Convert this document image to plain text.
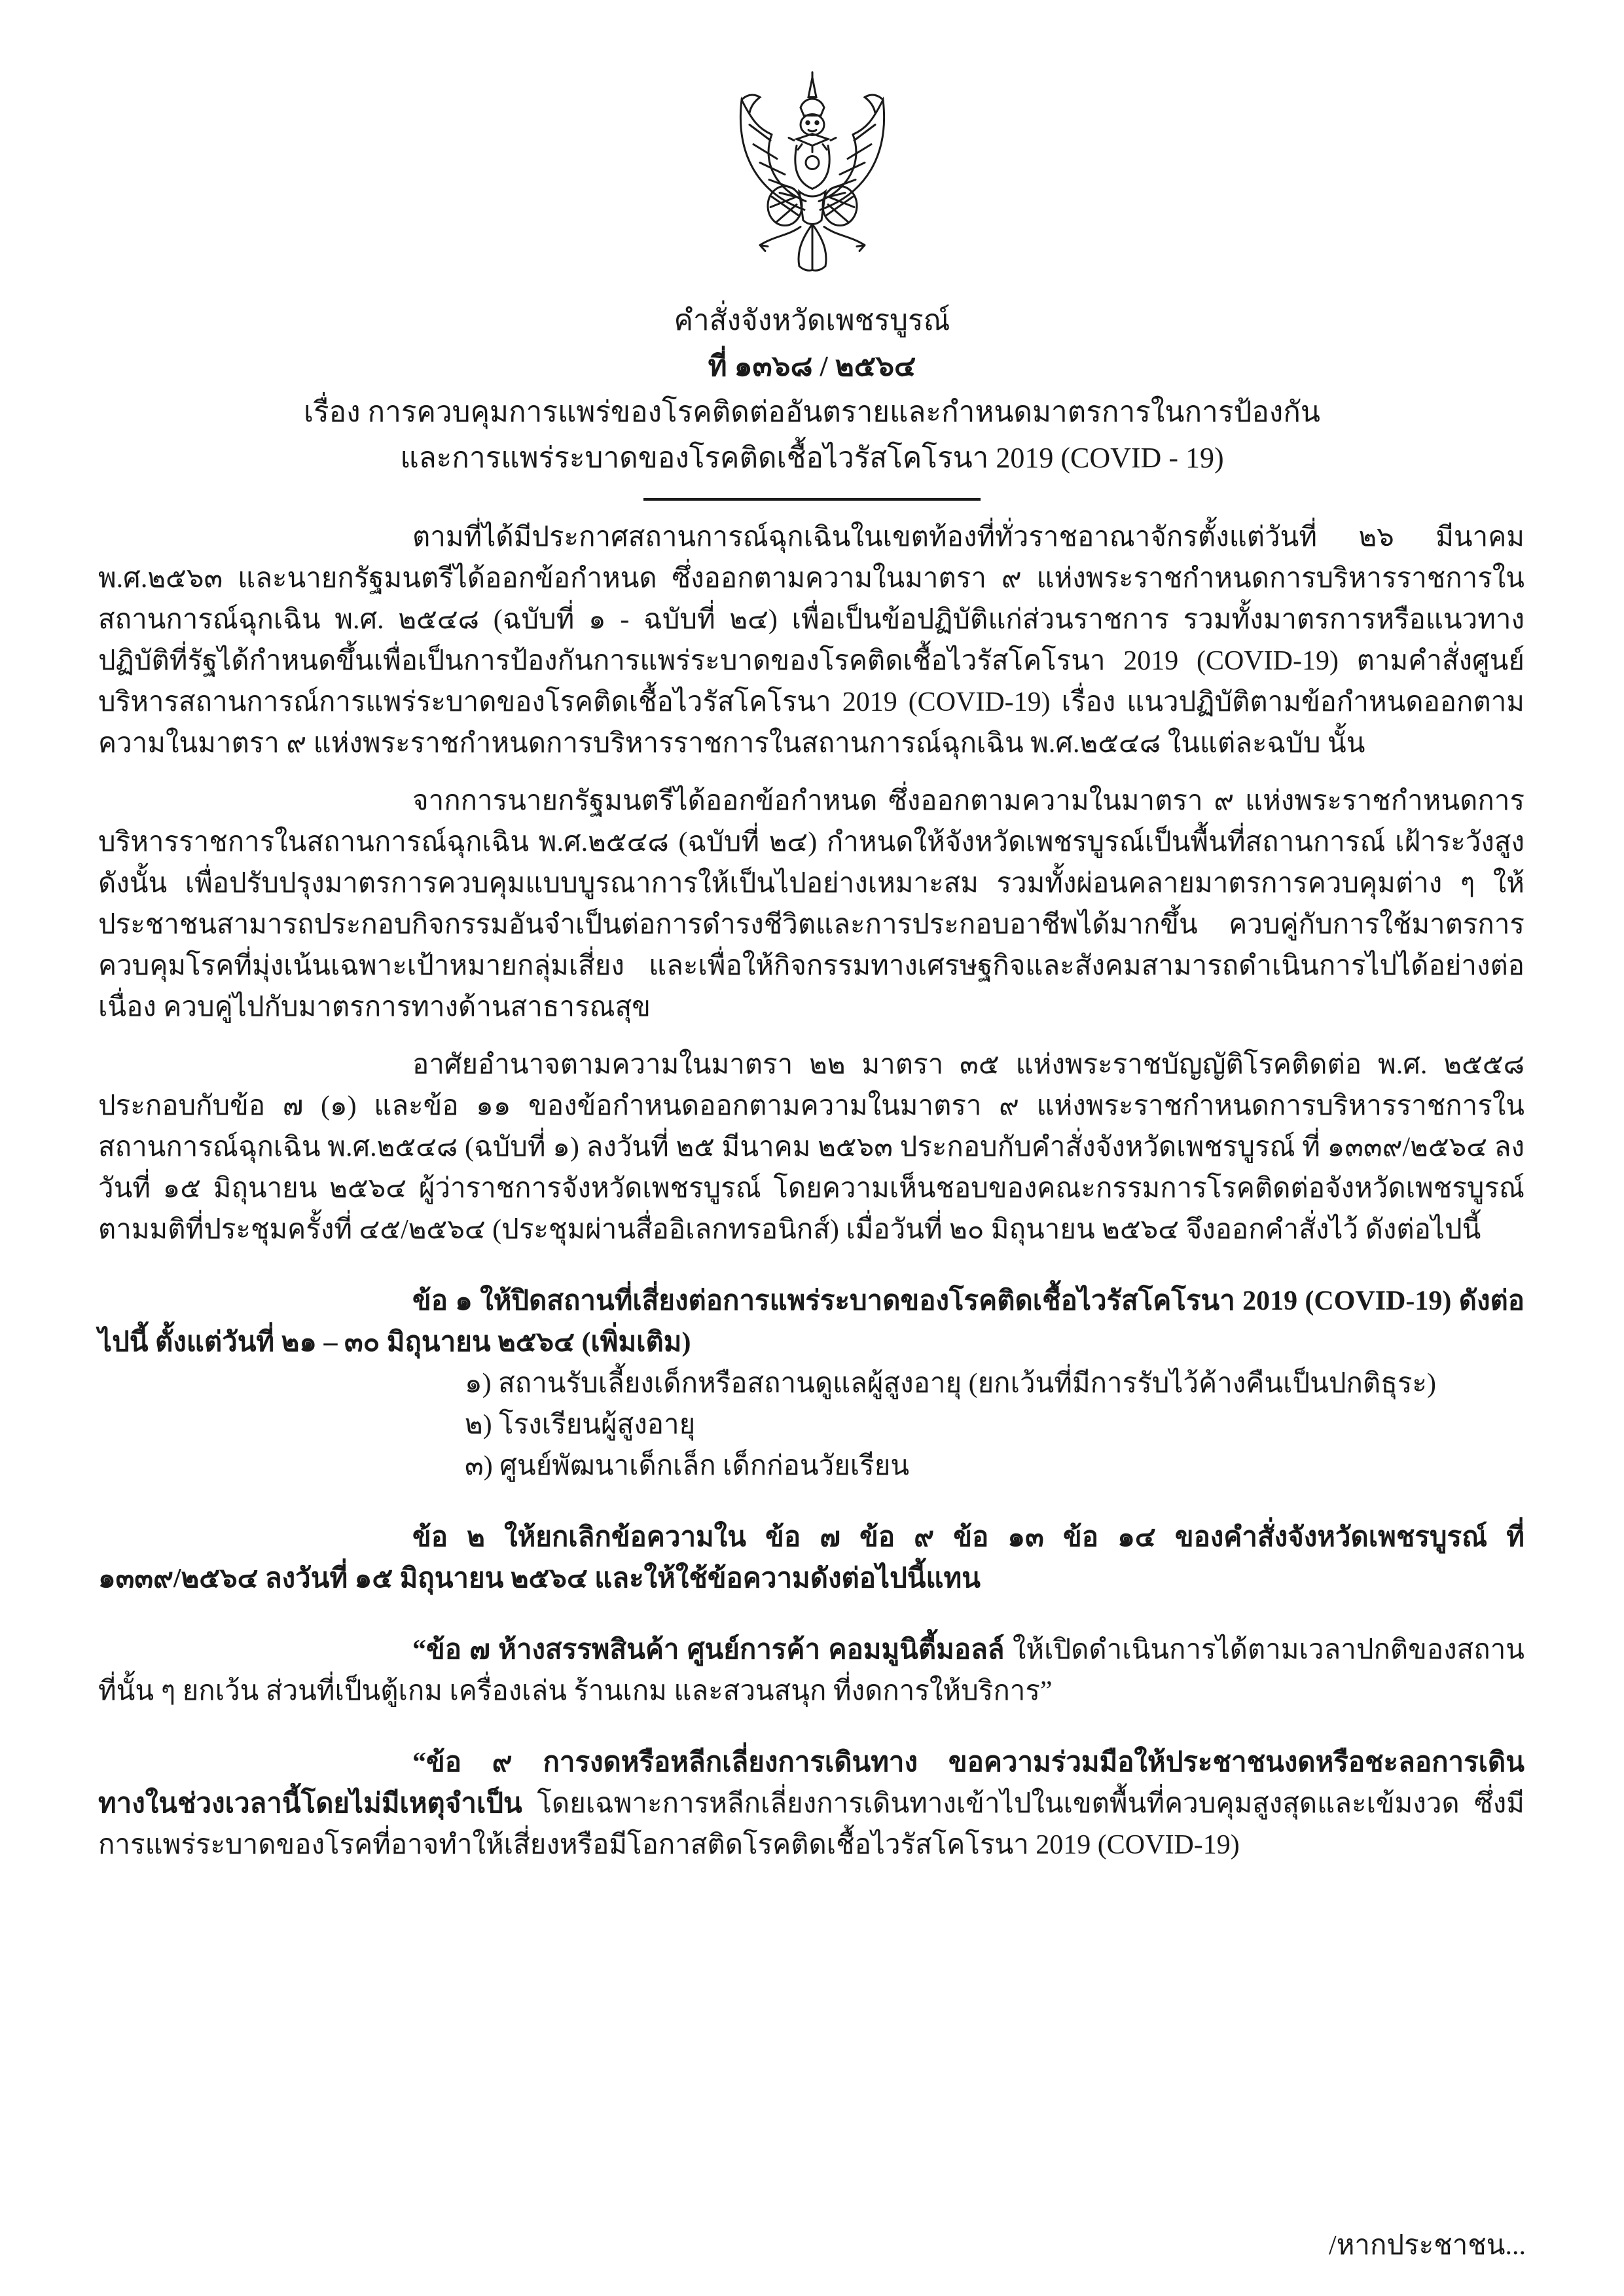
คำสั่งจังหวัดเพชรบูรณ์
ที่ ๑๓๖๘ / ๒๕๖๔
เรื่อง การควบคุมการแพร่ของโรคติดต่ออันตรายและกำหนดมาตรการในการป้องกัน
และการแพร่ระบาดของโรคติดเชื้อไวรัสโคโรนา 2019 (COVID - 19)

ตามที่ได้มีประกาศสถานการณ์ฉุกเฉินในเขตท้องที่ทั่วราชอาณาจักรตั้งแต่วันที่ ๒๖ มีนาคม พ.ศ.๒๕๖๓ และนายกรัฐมนตรีได้ออกข้อกำหนด ซึ่งออกตามความในมาตรา ๙ แห่งพระราชกำหนดการบริหารราชการในสถานการณ์ฉุกเฉิน พ.ศ. ๒๕๔๘ (ฉบับที่ ๑ - ฉบับที่ ๒๔) เพื่อเป็นข้อปฏิบัติแก่ส่วนราชการ รวมทั้งมาตรการหรือแนวทางปฏิบัติที่รัฐได้กำหนดขึ้นเพื่อเป็นการป้องกันการแพร่ระบาดของโรคติดเชื้อไวรัสโคโรนา 2019 (COVID-19) ตามคำสั่งศูนย์บริหารสถานการณ์การแพร่ระบาดของโรคติดเชื้อไวรัสโคโรนา 2019 (COVID-19) เรื่อง แนวปฏิบัติตามข้อกำหนดออกตามความในมาตรา ๙ แห่งพระราชกำหนดการบริหารราชการในสถานการณ์ฉุกเฉิน พ.ศ.๒๕๔๘ ในแต่ละฉบับ นั้น

จากการนายกรัฐมนตรีได้ออกข้อกำหนด ซึ่งออกตามความในมาตรา ๙ แห่งพระราชกำหนดการบริหารราชการในสถานการณ์ฉุกเฉิน พ.ศ.๒๕๔๘ (ฉบับที่ ๒๔) กำหนดให้จังหวัดเพชรบูรณ์เป็นพื้นที่สถานการณ์ เฝ้าระวังสูง ดังนั้น เพื่อปรับปรุงมาตรการควบคุมแบบบูรณาการให้เป็นไปอย่างเหมาะสม รวมทั้งผ่อนคลายมาตรการควบคุมต่าง ๆ ให้ประชาชนสามารถประกอบกิจกรรมอันจำเป็นต่อการดำรงชีวิตและการประกอบอาชีพได้มากขึ้น ควบคู่กับการใช้มาตรการควบคุมโรคที่มุ่งเน้นเฉพาะเป้าหมายกลุ่มเสี่ยง และเพื่อให้กิจกรรมทางเศรษฐกิจและสังคมสามารถดำเนินการไปได้อย่างต่อเนื่อง ควบคู่ไปกับมาตรการทางด้านสาธารณสุข

อาศัยอำนาจตามความในมาตรา ๒๒ มาตรา ๓๕ แห่งพระราชบัญญัติโรคติดต่อ พ.ศ. ๒๕๕๘ ประกอบกับข้อ ๗ (๑) และข้อ ๑๑ ของข้อกำหนดออกตามความในมาตรา ๙ แห่งพระราชกำหนดการบริหารราชการในสถานการณ์ฉุกเฉิน พ.ศ.๒๕๔๘ (ฉบับที่ ๑) ลงวันที่ ๒๕ มีนาคม ๒๕๖๓ ประกอบกับคำสั่งจังหวัดเพชรบูรณ์ ที่ ๑๓๓๙/๒๕๖๔ ลงวันที่ ๑๕ มิถุนายน ๒๕๖๔ ผู้ว่าราชการจังหวัดเพชรบูรณ์ โดยความเห็นชอบของคณะกรรมการโรคติดต่อจังหวัดเพชรบูรณ์ ตามมติที่ประชุมครั้งที่ ๔๕/๒๕๖๔ (ประชุมผ่านสื่ออิเลกทรอนิกส์) เมื่อวันที่ ๒๐ มิถุนายน ๒๕๖๔ จึงออกคำสั่งไว้ ดังต่อไปนี้

ข้อ ๑ ให้ปิดสถานที่เสี่ยงต่อการแพร่ระบาดของโรคติดเชื้อไวรัสโคโรนา 2019 (COVID-19) ดังต่อไปนี้ ตั้งแต่วันที่ ๒๑ – ๓๐ มิถุนายน ๒๕๖๔ (เพิ่มเติม)

๑) สถานรับเลี้ยงเด็กหรือสถานดูแลผู้สูงอายุ (ยกเว้นที่มีการรับไว้ค้างคืนเป็นปกติธุระ)
๒) โรงเรียนผู้สูงอายุ
๓) ศูนย์พัฒนาเด็กเล็ก เด็กก่อนวัยเรียน

ข้อ ๒ ให้ยกเลิกข้อความใน ข้อ ๗ ข้อ ๙ ข้อ ๑๓ ข้อ ๑๔ ของคำสั่งจังหวัดเพชรบูรณ์ ที่ ๑๓๓๙/๒๕๖๔ ลงวันที่ ๑๕ มิถุนายน ๒๕๖๔ และให้ใช้ข้อความดังต่อไปนี้แทน

“ข้อ ๗ ห้างสรรพสินค้า ศูนย์การค้า คอมมูนิตี้มอลล์ ให้เปิดดำเนินการได้ตามเวลาปกติของสถานที่นั้น ๆ ยกเว้น ส่วนที่เป็นตู้เกม เครื่องเล่น ร้านเกม และสวนสนุก ที่งดการให้บริการ”

“ข้อ ๙ การงดหรือหลีกเลี่ยงการเดินทาง ขอความร่วมมือให้ประชาชนงดหรือชะลอการเดินทางในช่วงเวลานี้โดยไม่มีเหตุจำเป็น โดยเฉพาะการหลีกเลี่ยงการเดินทางเข้าไปในเขตพื้นที่ควบคุมสูงสุดและเข้มงวด ซึ่งมีการแพร่ระบาดของโรคที่อาจทำให้เสี่ยงหรือมีโอกาสติดโรคติดเชื้อไวรัสโคโรนา 2019 (COVID-19)

/หากประชาชน...
